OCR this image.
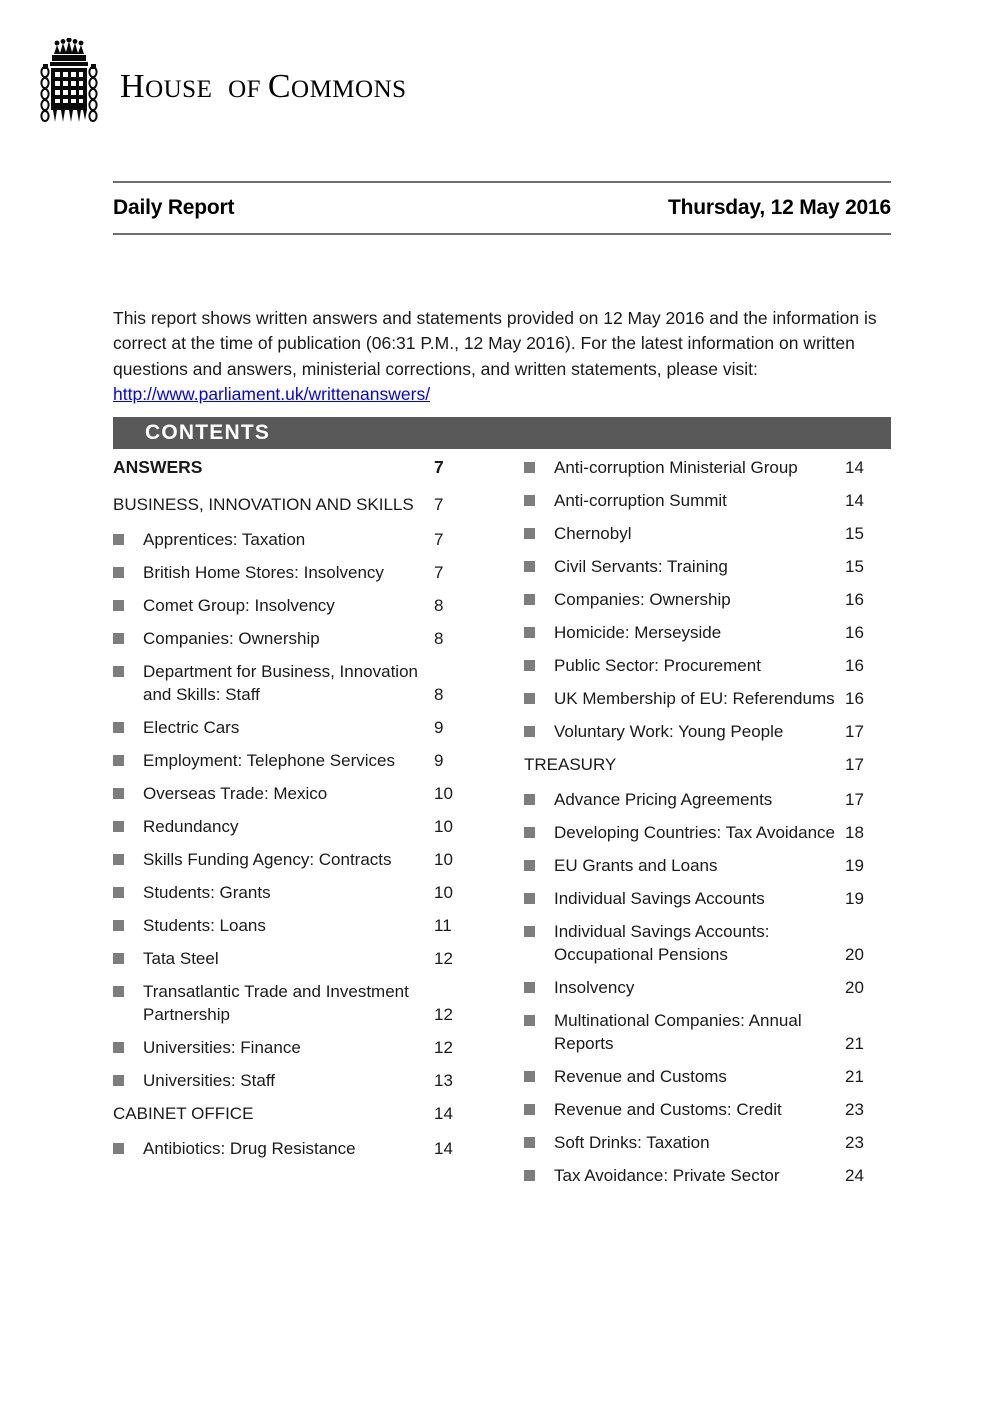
HOUSE  OF COMMONS
Daily Report	Thursday, 12 May 2016

This report shows written answers and statements provided on 12 May 2016 and the information is correct at the time of publication (06:31 P.M., 12 May 2016). For the latest information on written questions and answers, ministerial corrections, and written statements, please visit: http://www.parliament.uk/writtenanswers/

CONTENTS
ANSWERS	7
BUSINESS, INNOVATION AND SKILLS	7
Apprentices: Taxation	7
British Home Stores: Insolvency	7
Comet Group: Insolvency	8
Companies: Ownership	8
Department for Business, Innovation and Skills: Staff	8
Electric Cars	9
Employment: Telephone Services	9
Overseas Trade: Mexico	10
Redundancy	10
Skills Funding Agency: Contracts	10
Students: Grants	10
Students: Loans	11
Tata Steel	12
Transatlantic Trade and Investment Partnership	12
Universities: Finance	12
Universities: Staff	13
CABINET OFFICE	14
Antibiotics: Drug Resistance	14
Anti-corruption Ministerial Group	14
Anti-corruption Summit	14
Chernobyl	15
Civil Servants: Training	15
Companies: Ownership	16
Homicide: Merseyside	16
Public Sector: Procurement	16
UK Membership of EU: Referendums 16
Voluntary Work: Young People	17
TREASURY	17
Advance Pricing Agreements	17
Developing Countries: Tax Avoidance 18
EU Grants and Loans	19
Individual Savings Accounts	19
Individual Savings Accounts: Occupational Pensions	20
Insolvency	20
Multinational Companies: Annual Reports	21
Revenue and Customs	21
Revenue and Customs: Credit	23
Soft Drinks: Taxation	23
Tax Avoidance: Private Sector	24
